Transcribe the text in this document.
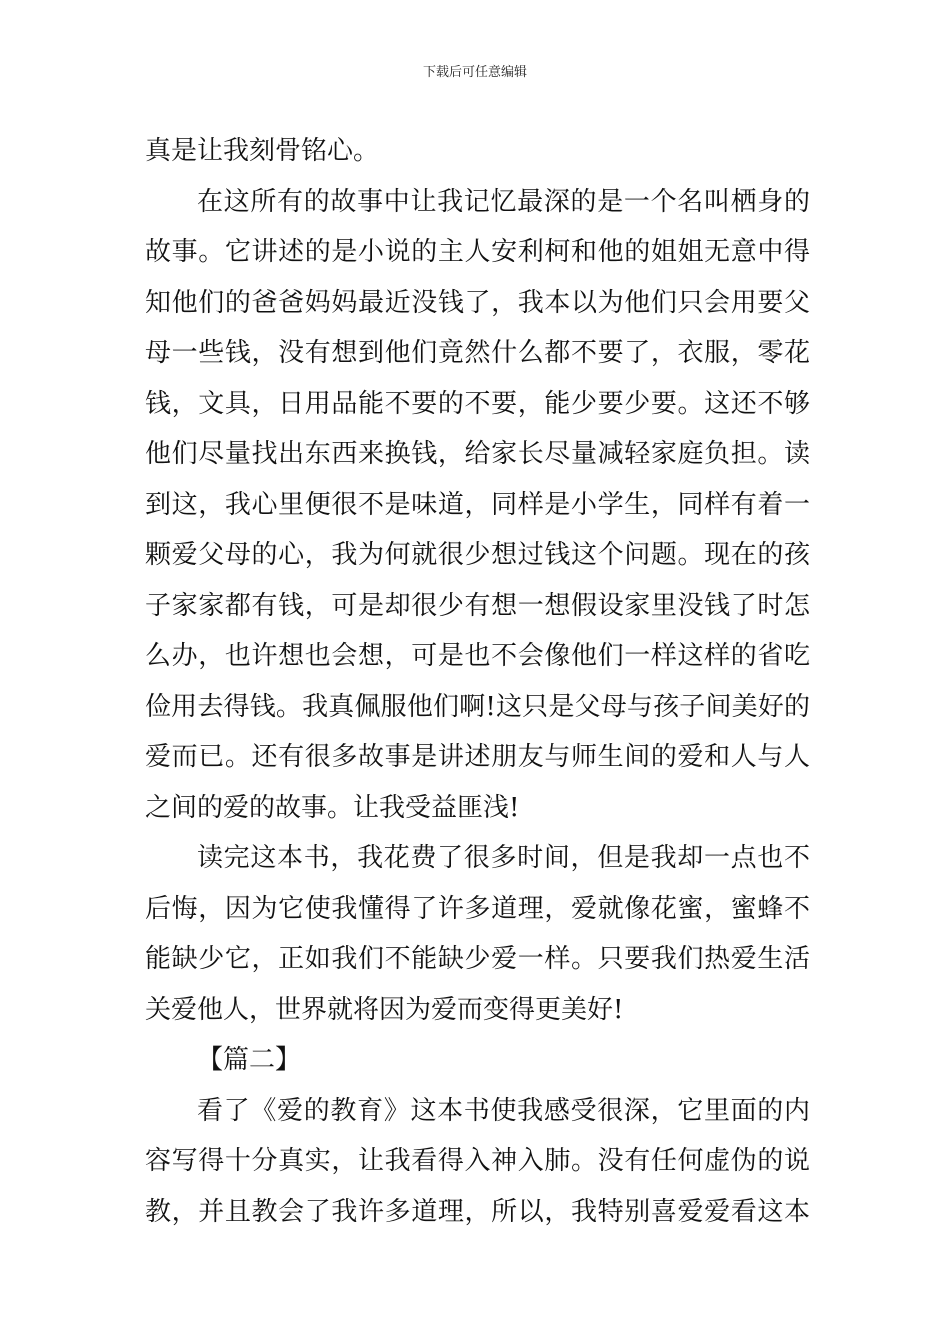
下载后可任意编辑
真是让我刻骨铭心。
在这所有的故事中让我记忆最深的是一个名叫栖身的
故事。它讲述的是小说的主人安利柯和他的姐姐无意中得
知他们的爸爸妈妈最近没钱了，我本以为他们只会用要父
母一些钱，没有想到他们竟然什么都不要了，衣服，零花
钱，文具，日用品能不要的不要，能少要少要。这还不够
他们尽量找出东西来换钱，给家长尽量减轻家庭负担。读
到这，我心里便很不是味道，同样是小学生，同样有着一
颗爱父母的心，我为何就很少想过钱这个问题。现在的孩
子家家都有钱，可是却很少有想一想假设家里没钱了时怎
么办，也许想也会想，可是也不会像他们一样这样的省吃
俭用去得钱。我真佩服他们啊!这只是父母与孩子间美好的
爱而已。还有很多故事是讲述朋友与师生间的爱和人与人
之间的爱的故事。让我受益匪浅!
读完这本书，我花费了很多时间，但是我却一点也不
后悔，因为它使我懂得了许多道理，爱就像花蜜，蜜蜂不
能缺少它，正如我们不能缺少爱一样。只要我们热爱生活
关爱他人，世界就将因为爱而变得更美好!
【篇二】
看了《爱的教育》这本书使我感受很深，它里面的内
容写得十分真实，让我看得入神入肺。没有任何虚伪的说
教，并且教会了我许多道理，所以，我特别喜爱爱看这本
